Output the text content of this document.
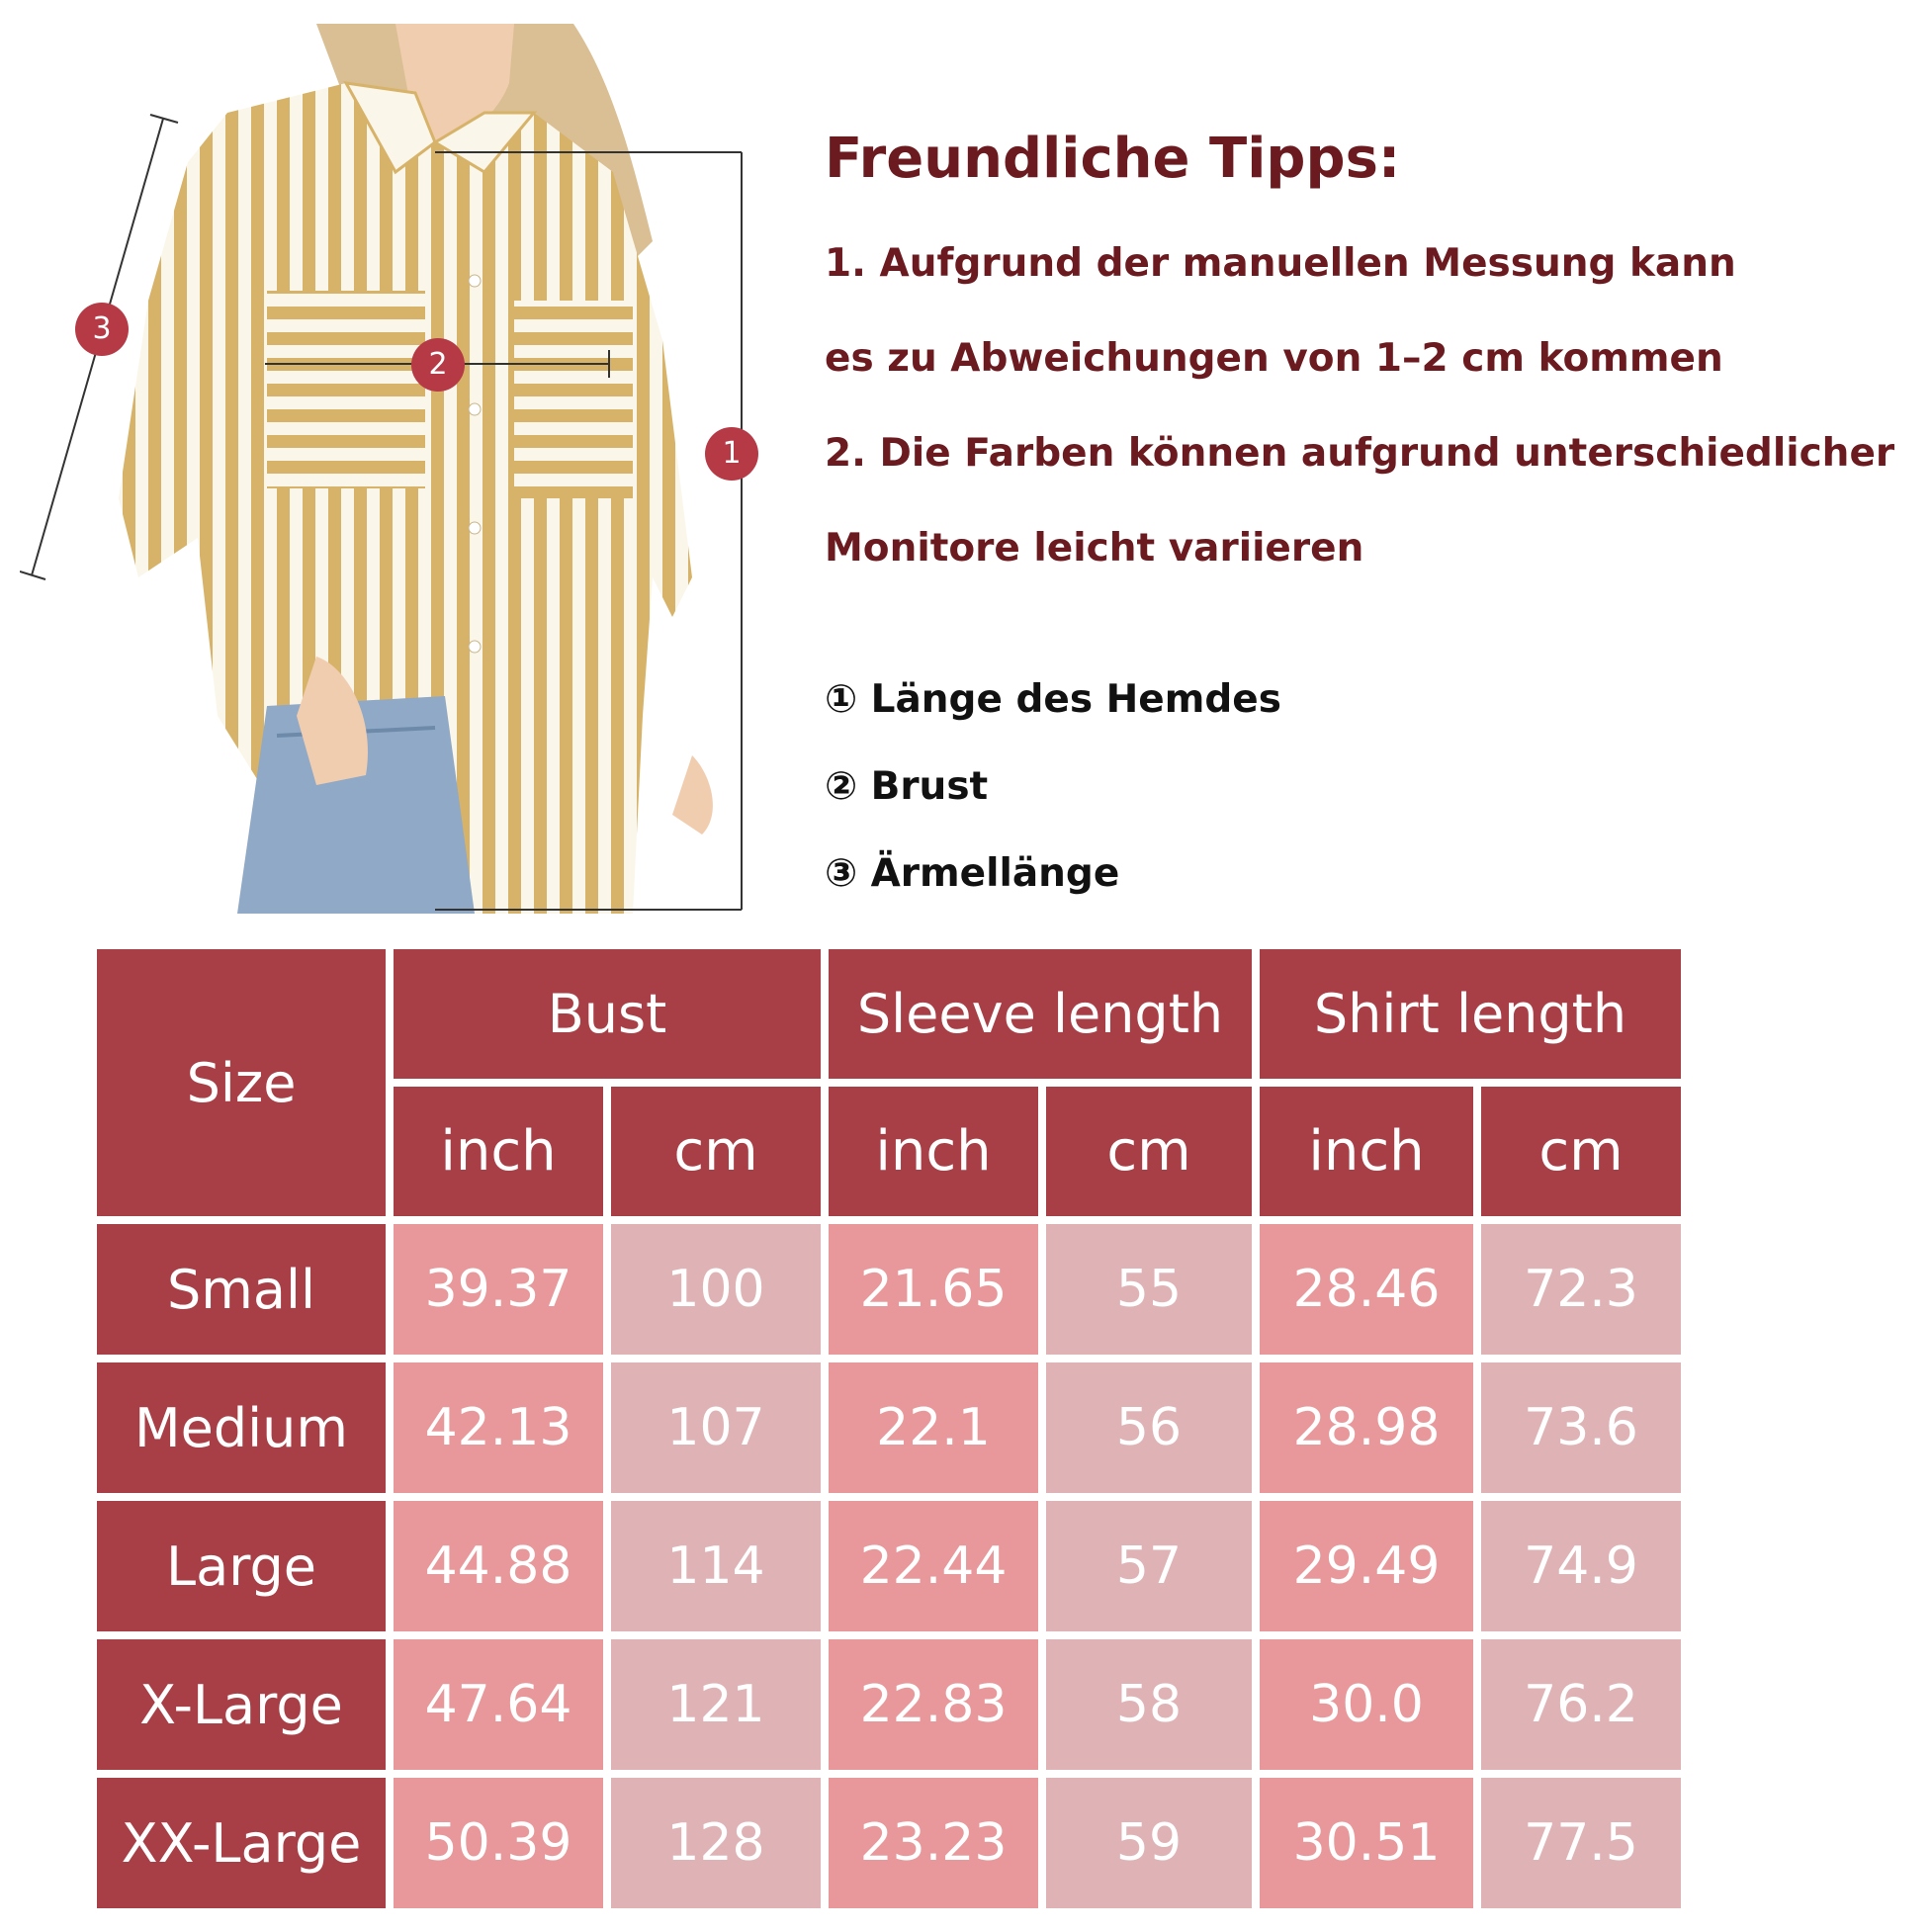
1
2
3
Freundliche Tipps:
1. Aufgrund der manuellen Messung kann
es zu Abweichungen von 1–2 cm kommen
2. Die Farben können aufgrund unterschiedlicher
Monitore leicht variieren
① Länge des Hemdes
② Brust
③ Ärmellänge
Size	Bust		Sleeve length		Shirt length	
	inch	cm	inch	cm	inch	cm
Small	39.37	100	21.65	55	28.46	72.3
Medium	42.13	107	22.1	56	28.98	73.6
Large	44.88	114	22.44	57	29.49	74.9
X-Large	47.64	121	22.83	58	30.0	76.2
XX-Large	50.39	128	23.23	59	30.51	77.5
